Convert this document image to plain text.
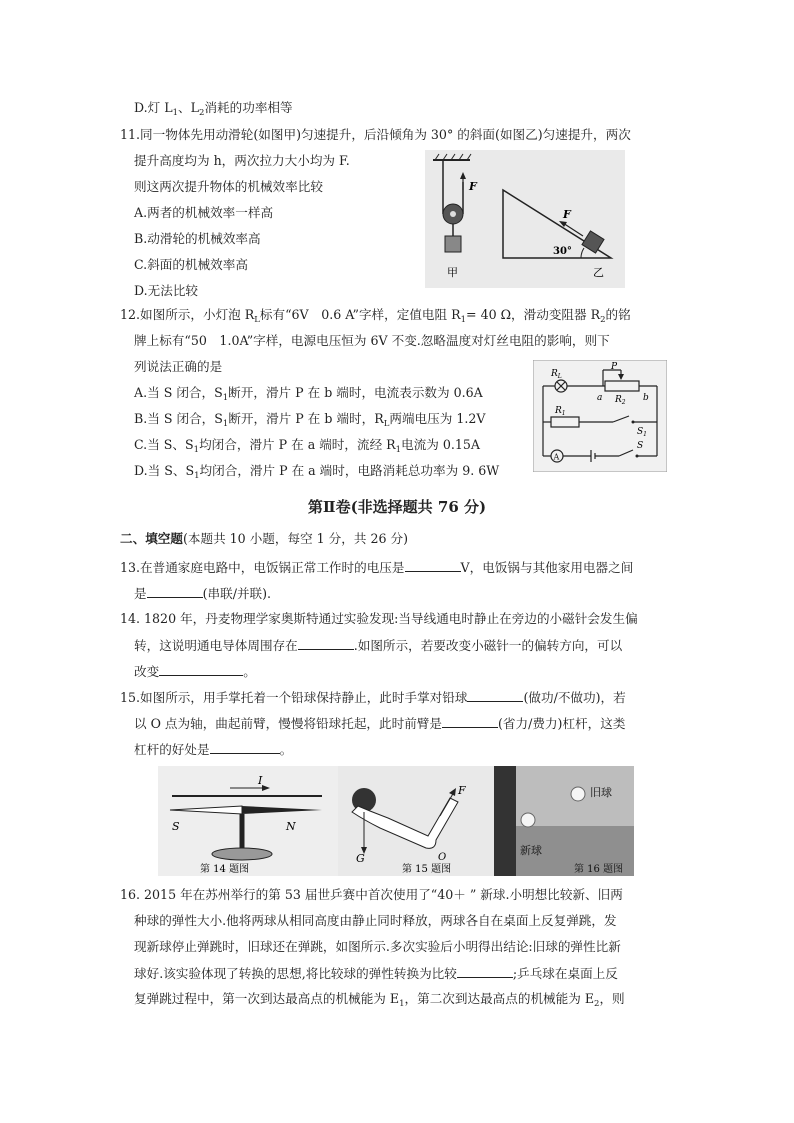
D.灯 $L_1$、$L_2$消耗的功率相等
11.同一物体先用动滑轮(如图甲)匀速提升，后沿倾角为 30° 的斜面(如图乙)匀速提升，两次
提升高度均为 h，两次拉力大小均为 F.
则这两次提升物体的机械效率比较
A.两者的机械效率一样高
B.动滑轮的机械效率高
C.斜面的机械效率高
D.无法比较
F
甲
F
30°
乙
12.如图所示，小灯泡 $R_L$标有“6V　0.6 A”字样，定值电阻 $R_1= 40$ Ω，滑动变阻器 $R_2$的铭
牌上标有“50　1.0A”字样，电源电压恒为 6V 不变.忽略温度对灯丝电阻的影响，则下
列说法正确的是
A.当 S 闭合，$S_1$断开，滑片 P 在 b 端时，电流表示数为 0.6A
B.当 S 闭合，$S_1$断开，滑片 P 在 b 端时，$R_L$两端电压为 1.2V
C.当 S、$S_1$均闭合，滑片 P 在 a 端时，流经 $R_1$电流为 0.15A
D.当 S、$S_1$均闭合，滑片 P 在 a 端时，电路消耗总功率为 9. 6W
$R_L$
P
a $R_2$ b
$R_1$
$S_1$
A
S
第Ⅱ卷(非选择题共 76 分)
二、填空题(本题共 10 小题，每空 1 分，共 26 分)
13.在普通家庭电路中，电饭锅正常工作时的电压是	V，电饭锅与其他家用电器之间
是	(串联/并联).
14. 1820 年，丹麦物理学家奥斯特通过实验发现:当导线通电时静止在旁边的小磁针会发生偏
转，这说明通电导体周围存在	.如图所示，若要改变小磁针一的偏转方向，可以
改变	。
15.如图所示，用手掌托着一个铅球保持静止，此时手掌对铅球	(做功/不做功)，若
以 O 点为轴，曲起前臂，慢慢将铅球托起，此时前臂是	(省力/费力)杠杆，这类
杠杆的好处是	。
I
S	N
第 14 题图
G
F
O
第 15 题图
旧球
新球
第 16 题图
16. 2015 年在苏州举行的第 53 届世乒赛中首次使用了“40＋ ” 新球.小明想比较新、旧两
种球的弹性大小.他将两球从相同高度由静止同时释放，两球各自在桌面上反复弹跳，发
现新球停止弹跳时，旧球还在弹跳，如图所示.多次实验后小明得出结论:旧球的弹性比新
球好.该实验体现了转换的思想,将比较球的弹性转换为比较	;乒乓球在桌面上反
复弹跳过程中，第一次到达最高点的机械能为 $E_1$，第二次到达最高点的机械能为 $E_2$，则
